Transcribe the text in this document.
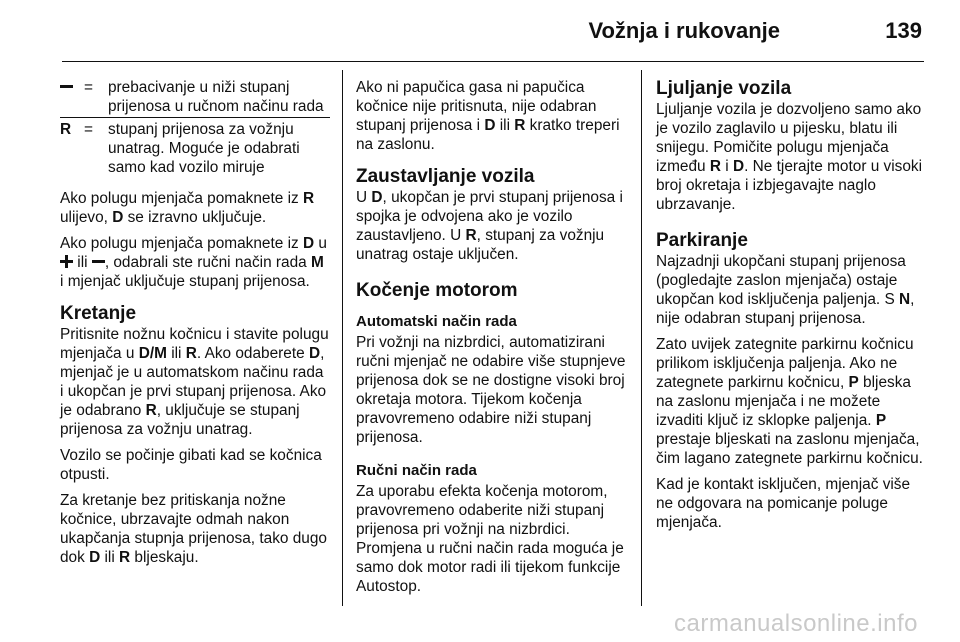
Vožnja i rukovanje	139
= prebacivanje u niži stupanj prijenosa u ručnom načinu rada
R = stupanj prijenosa za vožnju unatrag. Moguće je odabrati samo kad vozilo miruje

Ako polugu mjenjača pomaknete iz R ulijevo, D se izravno uključuje.

Ako polugu mjenjača pomaknete iz D u  ili , odabrali ste ručni način rada M i mjenjač uključuje stupanj prijenosa.

Kretanje

Pritisnite nožnu kočnicu i stavite polugu mjenjača u D/M ili R. Ako odaberete D, mjenjač je u automatskom načinu rada i ukopčan je prvi stupanj prijenosa. Ako je odabrano R, uključuje se stupanj prijenosa za vožnju unatrag.

Vozilo se počinje gibati kad se kočnica otpusti.

Za kretanje bez pritiskanja nožne kočnice, ubrzavajte odmah nakon ukapčanja stupnja prijenosa, tako dugo dok D ili R bljeskaju.

Ako ni papučica gasa ni papučica kočnice nije pritisnuta, nije odabran stupanj prijenosa i D ili R kratko treperi na zaslonu.

Zaustavljanje vozila

U D, ukopčan je prvi stupanj prijenosa i spojka je odvojena ako je vozilo zaustavljeno. U R, stupanj za vožnju unatrag ostaje uključen.

Kočenje motorom
Automatski način rada

Pri vožnji na nizbrdici, automatizirani ručni mjenjač ne odabire više stupnjeve prijenosa dok se ne dostigne visoki broj okretaja motora. Tijekom kočenja pravovremeno odabire niži stupanj prijenosa.

Ručni način rada

Za uporabu efekta kočenja motorom, pravovremeno odaberite niži stupanj prijenosa pri vožnji na nizbrdici. Promjena u ručni način rada moguća je samo dok motor radi ili tijekom funkcije Autostop.

Ljuljanje vozila

Ljuljanje vozila je dozvoljeno samo ako je vozilo zaglavilo u pijesku, blatu ili snijegu. Pomičite polugu mjenjača između R i D. Ne tjerajte motor u visoki broj okretaja i izbjegavajte naglo ubrzavanje.

Parkiranje

Najzadnji ukopčani stupanj prijenosa (pogledajte zaslon mjenjača) ostaje ukopčan kod isključenja paljenja. S N, nije odabran stupanj prijenosa.

Zato uvijek zategnite parkirnu kočnicu prilikom isključenja paljenja. Ako ne zategnete parkirnu kočnicu, P bljeska na zaslonu mjenjača i ne možete izvaditi ključ iz sklopke paljenja. P prestaje bljeskati na zaslonu mjenjača, čim lagano zategnete parkirnu kočnicu.

Kad je kontakt isključen, mjenjač više ne odgovara na pomicanje poluge mjenjača.

carmanualsonline.info
